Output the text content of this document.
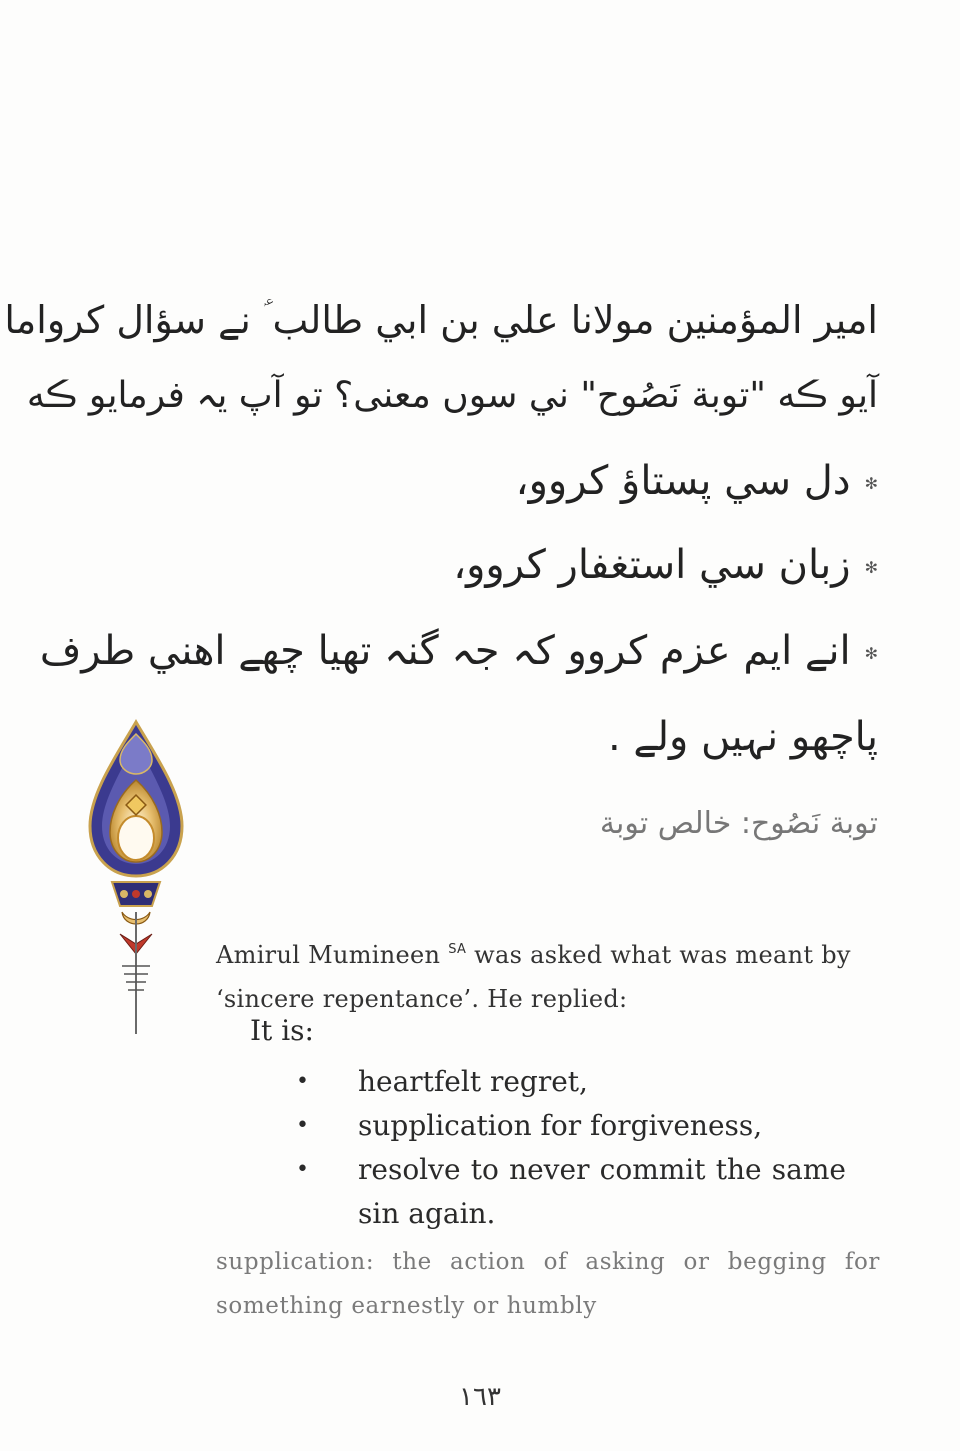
امير المؤمنين مولانا علي بن ابي طالب ؑ نے سؤال كرواما
آيو ڪه "توبة نَصُوح" ني سوں معنى؟ تو آپ يہ فرمايو ڪه
✻دل سي پستاؤ كروو،
✻زبان سي استغفار كروو،
✻انے ايم عزم كروو كہ جہ گنہ تھيا چھے اھني طرف
پاچھو نہيں ولے .
توبة نَصُوح: خالص توبة
Amirul Mumineen $^{SA}$ was asked what was meant by ‘sincere repentance’. He replied:
It is:
• heartfelt regret,
• supplication for forgiveness,
• resolve to never commit the same sin again.
supplication: the action of asking or begging for something earnestly or humbly
١٦٣
